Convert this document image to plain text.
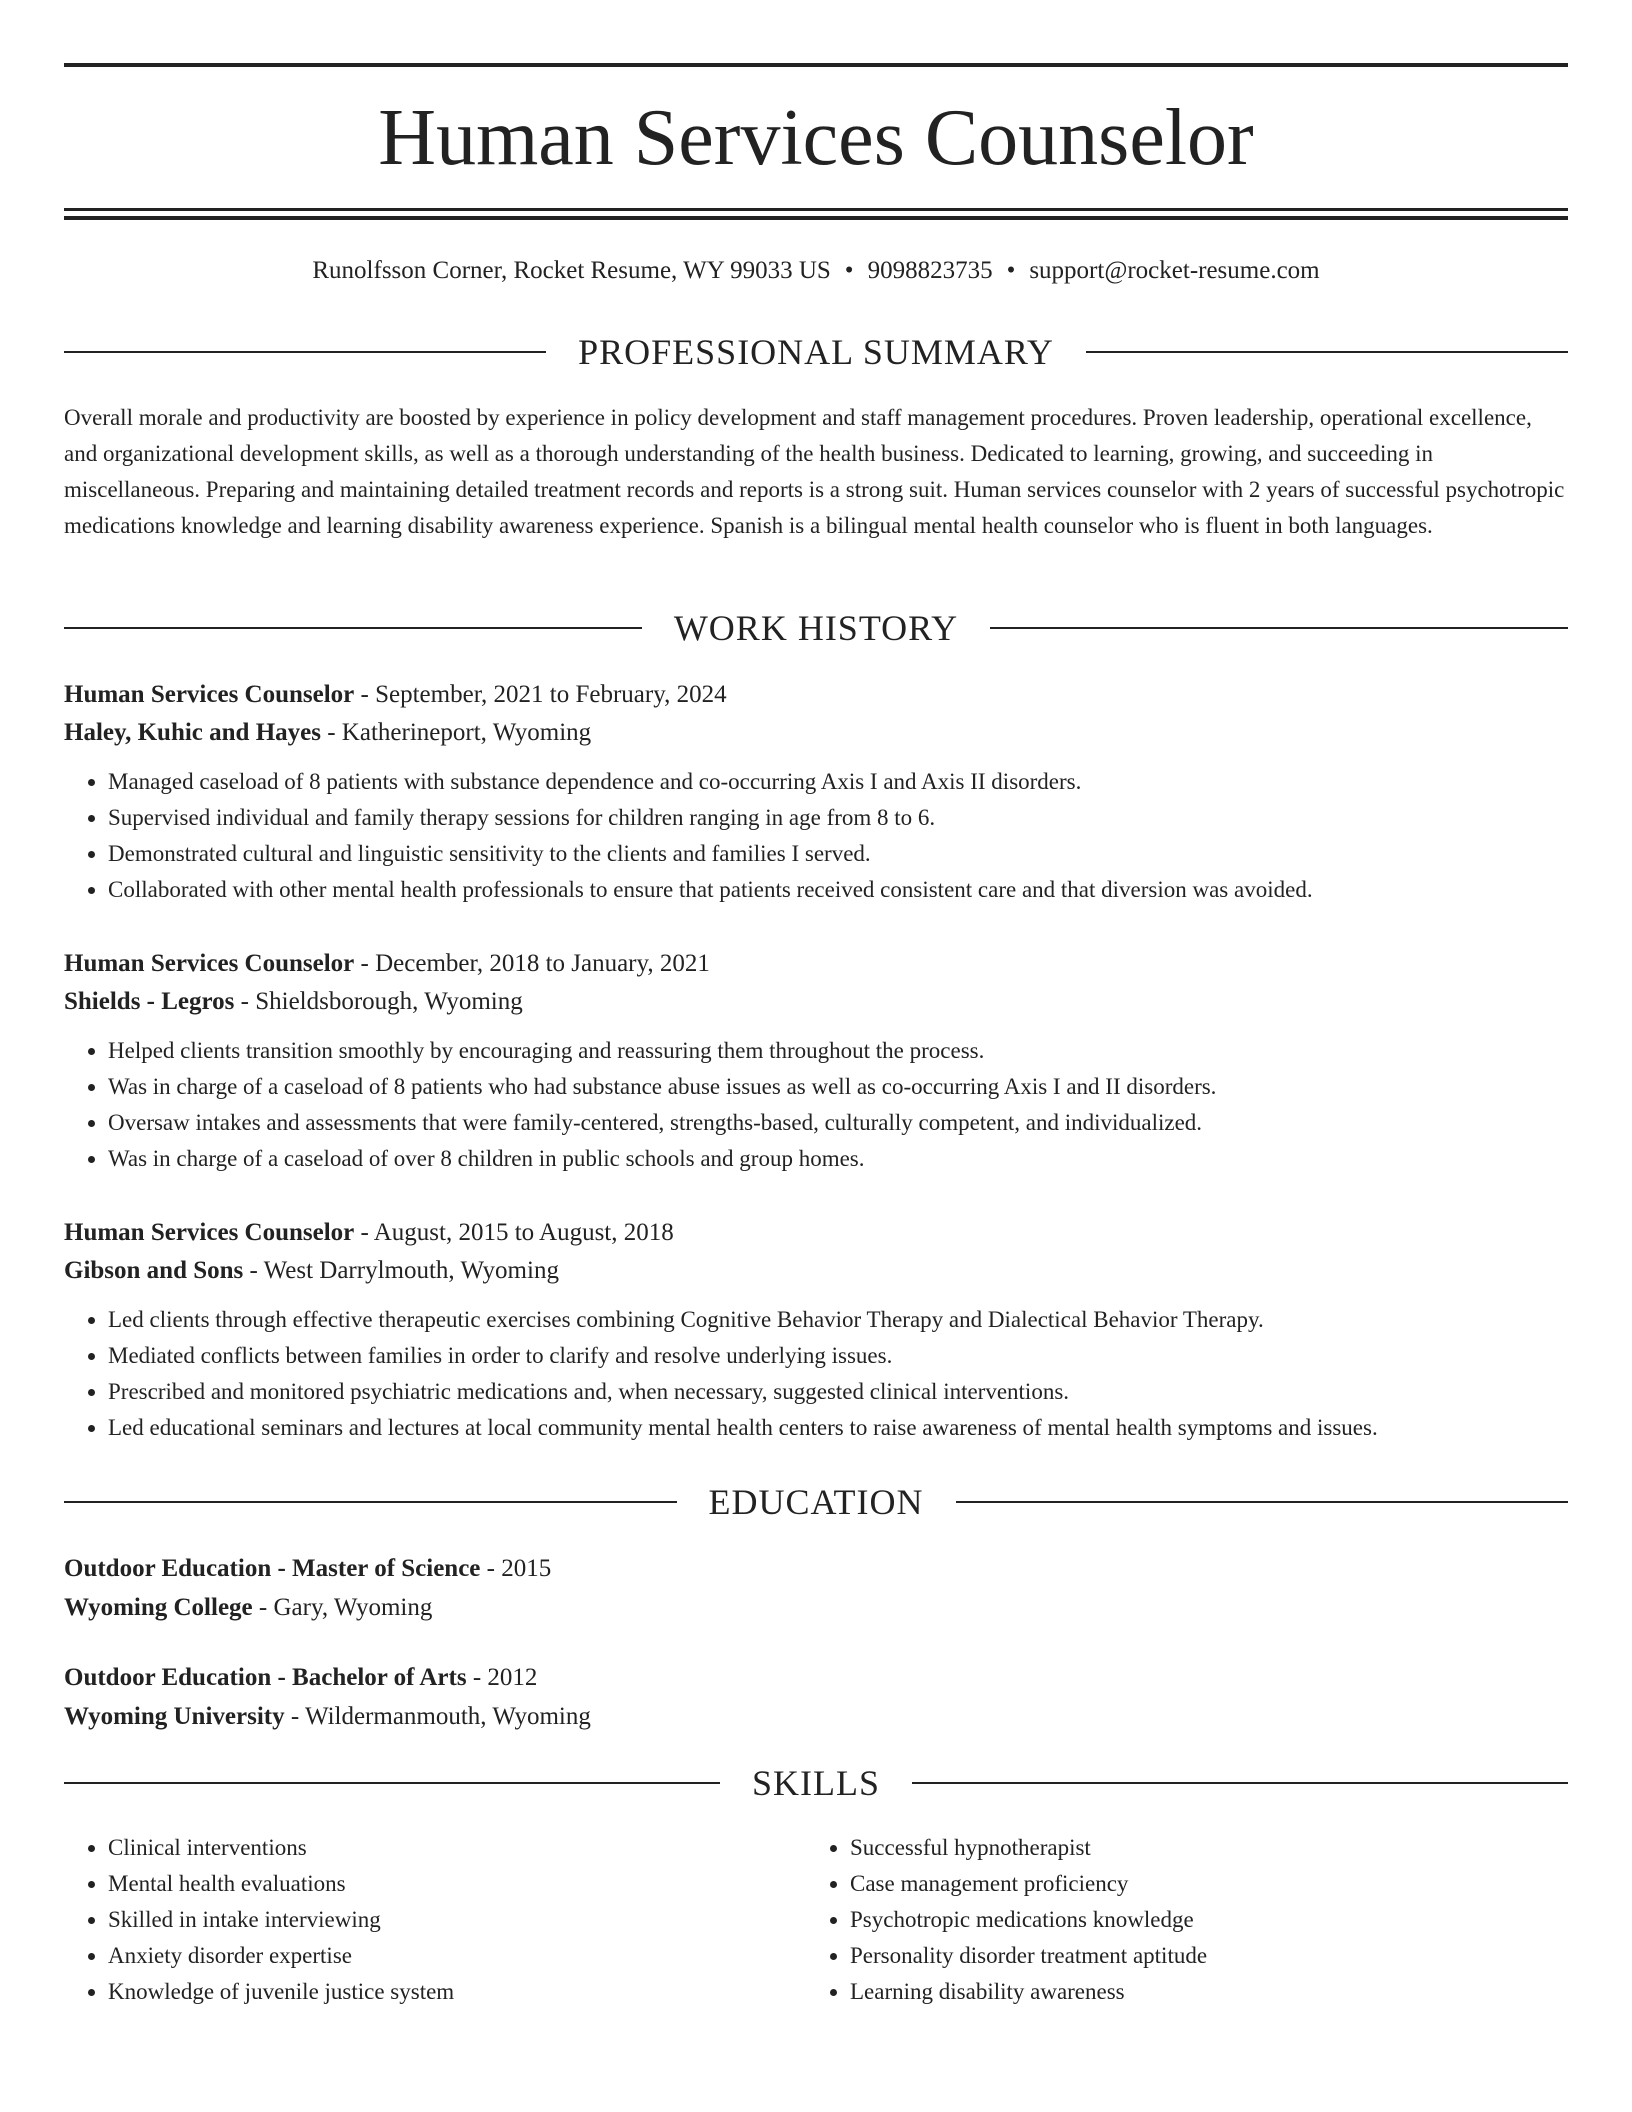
Human Services Counselor
Runolfsson Corner, Rocket Resume, WY 99033 US • 9098823735 • support@rocket-resume.com
PROFESSIONAL SUMMARY

Overall morale and productivity are boosted by experience in policy development and staff management procedures. Proven leadership, operational excellence, and organizational development skills, as well as a thorough understanding of the health business. Dedicated to learning, growing, and succeeding in miscellaneous. Preparing and maintaining detailed treatment records and reports is a strong suit. Human services counselor with 2 years of successful psychotropic medications knowledge and learning disability awareness experience. Spanish is a bilingual mental health counselor who is fluent in both languages.

WORK HISTORY
Human Services Counselor - September, 2021 to February, 2024
Haley, Kuhic and Hayes - Katherineport, Wyoming
• Managed caseload of 8 patients with substance dependence and co-occurring Axis I and Axis II disorders.
• Supervised individual and family therapy sessions for children ranging in age from 8 to 6.
• Demonstrated cultural and linguistic sensitivity to the clients and families I served.
• Collaborated with other mental health professionals to ensure that patients received consistent care and that diversion was avoided.
Human Services Counselor - December, 2018 to January, 2021
Shields - Legros - Shieldsborough, Wyoming
• Helped clients transition smoothly by encouraging and reassuring them throughout the process.
• Was in charge of a caseload of 8 patients who had substance abuse issues as well as co-occurring Axis I and II disorders.
• Oversaw intakes and assessments that were family-centered, strengths-based, culturally competent, and individualized.
• Was in charge of a caseload of over 8 children in public schools and group homes.
Human Services Counselor - August, 2015 to August, 2018
Gibson and Sons - West Darrylmouth, Wyoming
• Led clients through effective therapeutic exercises combining Cognitive Behavior Therapy and Dialectical Behavior Therapy.
• Mediated conflicts between families in order to clarify and resolve underlying issues.
• Prescribed and monitored psychiatric medications and, when necessary, suggested clinical interventions.
• Led educational seminars and lectures at local community mental health centers to raise awareness of mental health symptoms and issues.
EDUCATION
Outdoor Education - Master of Science - 2015
Wyoming College - Gary, Wyoming
Outdoor Education - Bachelor of Arts - 2012
Wyoming University - Wildermanmouth, Wyoming
SKILLS
• Clinical interventions
• Mental health evaluations
• Skilled in intake interviewing
• Anxiety disorder expertise
• Knowledge of juvenile justice system
• Successful hypnotherapist
• Case management proficiency
• Psychotropic medications knowledge
• Personality disorder treatment aptitude
• Learning disability awareness
